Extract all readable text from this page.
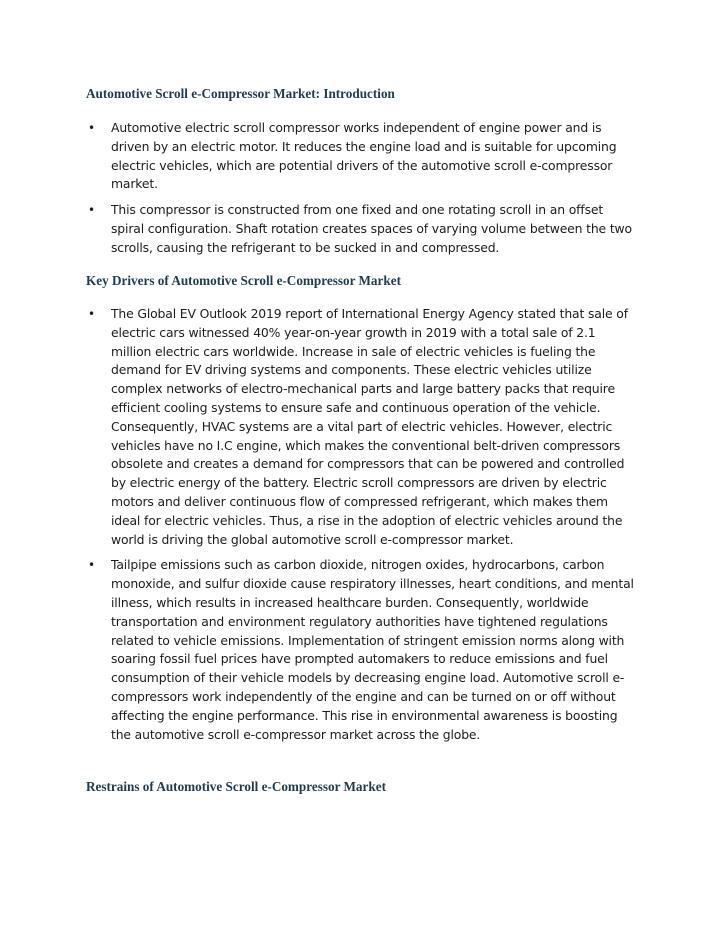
Automotive Scroll e-Compressor Market: Introduction
• Automotive electric scroll compressor works independent of engine power and is driven by an electric motor. It reduces the engine load and is suitable for upcoming electric vehicles, which are potential drivers of the automotive scroll e-compressor market.
• This compressor is constructed from one fixed and one rotating scroll in an offset spiral configuration. Shaft rotation creates spaces of varying volume between the two scrolls, causing the refrigerant to be sucked in and compressed.
Key Drivers of Automotive Scroll e-Compressor Market
• The Global EV Outlook 2019 report of International Energy Agency stated that sale of electric cars witnessed 40% year-on-year growth in 2019 with a total sale of 2.1 million electric cars worldwide. Increase in sale of electric vehicles is fueling the demand for EV driving systems and components. These electric vehicles utilize complex networks of electro-mechanical parts and large battery packs that require efficient cooling systems to ensure safe and continuous operation of the vehicle. Consequently, HVAC systems are a vital part of electric vehicles. However, electric vehicles have no I.C engine, which makes the conventional belt-driven compressors obsolete and creates a demand for compressors that can be powered and controlled by electric energy of the battery. Electric scroll compressors are driven by electric motors and deliver continuous flow of compressed refrigerant, which makes them ideal for electric vehicles. Thus, a rise in the adoption of electric vehicles around the world is driving the global automotive scroll e-compressor market.
• Tailpipe emissions such as carbon dioxide, nitrogen oxides, hydrocarbons, carbon monoxide, and sulfur dioxide cause respiratory illnesses, heart conditions, and mental illness, which results in increased healthcare burden. Consequently, worldwide transportation and environment regulatory authorities have tightened regulations related to vehicle emissions. Implementation of stringent emission norms along with soaring fossil fuel prices have prompted automakers to reduce emissions and fuel consumption of their vehicle models by decreasing engine load. Automotive scroll e-compressors work independently of the engine and can be turned on or off without affecting the engine performance. This rise in environmental awareness is boosting the automotive scroll e-compressor market across the globe.
Restrains of Automotive Scroll e-Compressor Market
